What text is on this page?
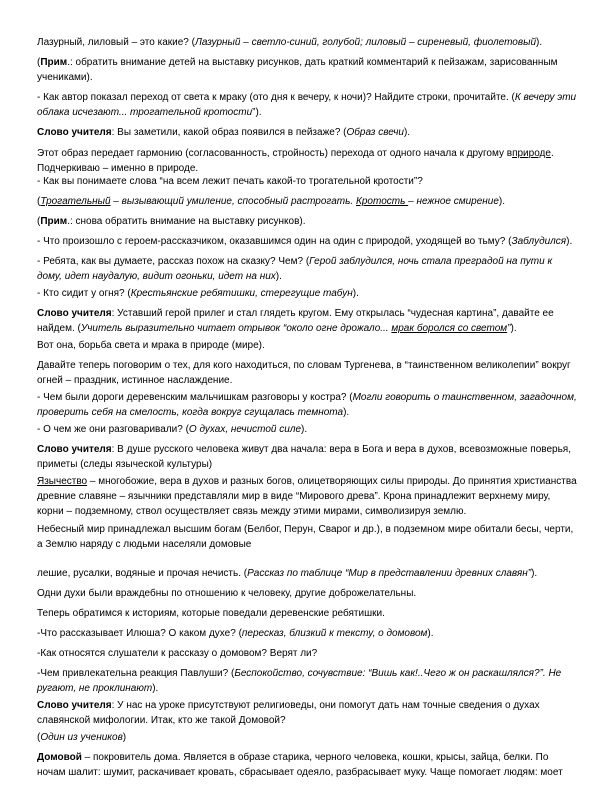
Лазурный, лиловый – это какие? (Лазурный – светло-синий, голубой; лиловый – сиреневый, фиолетовый).

(Прим.: обратить внимание детей на выставку рисунков, дать краткий комментарий к пейзажам, зарисованным учениками).

- Как автор показал переход от света к мраку (ото дня к вечеру, к ночи)? Найдите строки, прочитайте. (К вечеру эти облака исчезают... трогательной кротости”).

Слово учителя: Вы заметили, какой образ появился в пейзаже? (Образ свечи).

Этот образ передает гармонию (согласованность, стройность) перехода от одного начала к другому вприроде. Подчеркиваю – именно в природе.

- Как вы понимаете слова “на всем лежит печать какой-то трогательной кротости”?

(Трогательный – вызывающий умиление, способный растрогать. Кротость – нежное смирение).

(Прим.: снова обратить внимание на выставку рисунков).

- Что произошло с героем-рассказчиком, оказавшимся один на один с природой, уходящей во тьму? (Заблудился).

- Ребята, как вы думаете, рассказ похож на сказку? Чем? (Герой заблудился, ночь стала преградой на пути к дому, идет наудалую, видит огоньки, идет на них).

- Кто сидит у огня? (Крестьянские ребятишки, стерегущие табун).

Слово учителя: Уставший герой прилег и стал глядеть кругом. Ему открылась “чудесная картина”, давайте ее найдем. (Учитель выразительно читает отрывок “около огне дрожало... мрак боролся со светом”).

Вот она, борьба света и мрака в природе (мире).

Давайте теперь поговорим о тех, для кого находиться, по словам Тургенева, в “таинственном великолепии” вокруг огней – праздник, истинное наслаждение.

- Чем были дороги деревенским мальчишкам разговоры у костра? (Могли говорить о таинственном, загадочном, проверить себя на смелость, когда вокруг сгущалась темнота).

- О чем же они разговаривали? (О духах, нечистой силе).

Слово учителя: В душе русского человека живут два начала: вера в Бога и вера в духов, всевозможные поверья, приметы (следы языческой культуры)

Язычество – многобожие, вера в духов и разных богов, олицетворяющих силы природы. До принятия христианства древние славяне – язычники представляли мир в виде “Мирового древа”. Крона принадлежит верхнему миру, корни – подземному, ствол осуществляет связь между этими мирами, символизируя землю.

Небесный мир принадлежал высшим богам (Белбог, Перун, Сварог и др.), в подземном мире обитали бесы, черти, а Землю наряду с людьми населяли домовые

лешие, русалки, водяные и прочая нечисть. (Рассказ по таблице “Мир в представлении древних славян”).

Одни духи были враждебны по отношению к человеку, другие доброжелательны.

Теперь обратимся к историям, которые поведали деревенские ребятишки.

-Что рассказывает Илюша? О каком духе? (пересказ, близкий к тексту, о домовом).

-Как относятся слушатели к рассказу о домовом? Верят ли?

-Чем привлекательна реакция Павлуши? (Беспокойство, сочувствие: “Вишь как!..Чего ж он раскашлялся?”. Не ругают, не проклинают).

Слово учителя: У нас на уроке присутствуют религиоведы, они помогут дать нам точные сведения о духах славянской мифологии. Итак, кто же такой Домовой?

(Один из учеников)

Домовой – покровитель дома. Является в образе старика, черного человека, кошки, крысы, зайца, белки. По ночам шалит: шумит, раскачивает кровать, сбрасывает одеяло, разбрасывает муку. Чаще помогает людям: моет
